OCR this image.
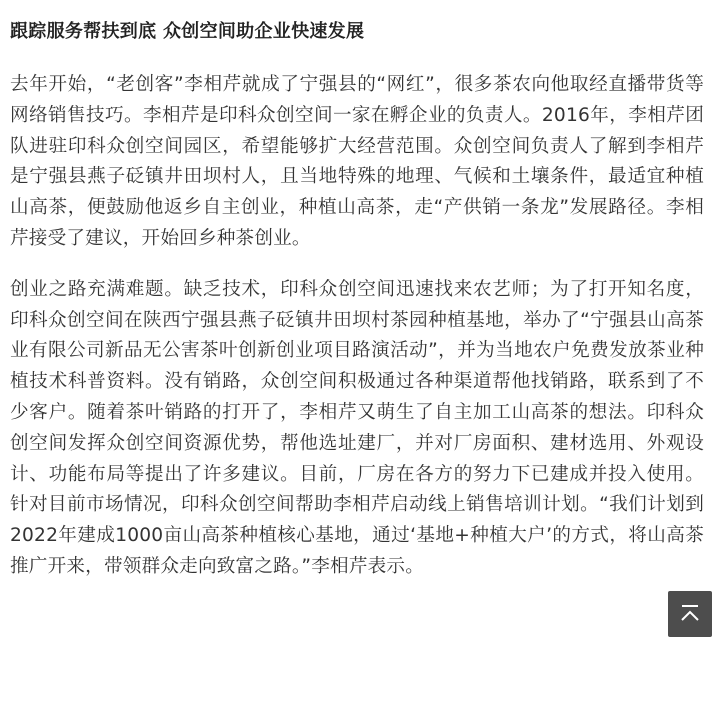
跟踪服务帮扶到底 众创空间助企业快速发展

去年开始，“老创客”李相芹就成了宁强县的“网红”，很多茶农向他取经直播带货等网络销售技巧。李相芹是印科众创空间一家在孵企业的负责人。2016年，李相芹团队进驻印科众创空间园区，希望能够扩大经营范围。众创空间负责人了解到李相芹是宁强县燕子砭镇井田坝村人，且当地特殊的地理、气候和土壤条件，最适宜种植山高茶，便鼓励他返乡自主创业，种植山高茶，走“产供销一条龙”发展路径。李相芹接受了建议，开始回乡种茶创业。

创业之路充满难题。缺乏技术，印科众创空间迅速找来农艺师；为了打开知名度，印科众创空间在陕西宁强县燕子砭镇井田坝村茶园种植基地，举办了“宁强县山高茶业有限公司新品无公害茶叶创新创业项目路演活动”，并为当地农户免费发放茶业种植技术科普资料。没有销路，众创空间积极通过各种渠道帮他找销路，联系到了不少客户。随着茶叶销路的打开了，李相芹又萌生了自主加工山高茶的想法。印科众创空间发挥众创空间资源优势，帮他选址建厂，并对厂房面积、建材选用、外观设计、功能布局等提出了许多建议。目前，厂房在各方的努力下已建成并投入使用。针对目前市场情况，印科众创空间帮助李相芹启动线上销售培训计划。“我们计划到2022年建成1000亩山高茶种植核心基地，通过‘基地+种植大户’的方式，将山高茶推广开来，带领群众走向致富之路。”李相芹表示。
